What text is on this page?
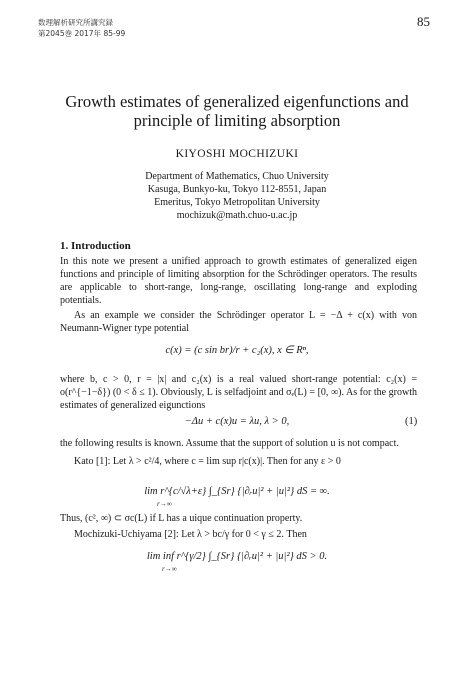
数理解析研究所講究録
第2045巻 2017年 85-99
85
Growth estimates of generalized eigenfunctions and
principle of limiting absorption
KIYOSHI MOCHIZUKI
Department of Mathematics, Chuo University
Kasuga, Bunkyo-ku, Tokyo 112-8551, Japan
Emeritus, Tokyo Metropolitan University
mochizuk@math.chuo-u.ac.jp
1. Introduction
In this note we present a unified approach to growth estimates of generalized eigen functions and principle of limiting absorption for the Schrödinger operators. The results are applicable to short-range, long-range, oscillating long-range and exploding potentials.
As an example we consider the Schrödinger operator L = −Δ + c(x) with von Neumann-Wigner type potential
c(x) = (c sin br)/r + c₂(x), x ∈ Rⁿ,
where b, c > 0, r = |x| and c₂(x) is a real valued short-range potential: c₂(x) = o(r^{−1−δ}) (0 < δ ≤ 1). Obviously, L is selfadjoint and σₑ(L) = [0, ∞). As for the growth estimates of generalized eigunctions
−Δu + c(x)u = λu, λ > 0,	(1)
the following results is known. Assume that the support of solution u is not compact.
Kato [1]: Let λ > c²/4, where c = lim sup r|c(x)|. Then for any ε > 0
lim r^{c/√λ+ε} ∫_{Sr} {|∂ᵣu|² + |u|²} dS = ∞.
r→∞
Thus, (c², ∞) ⊂ σc(L) if L has a uique continuation property.
Mochizuki-Uchiyama [2]: Let λ > bc/γ for 0 < γ ≤ 2. Then
lim inf r^{γ/2} ∫_{Sr} {|∂ᵣu|² + |u|²} dS > 0.
r→∞
